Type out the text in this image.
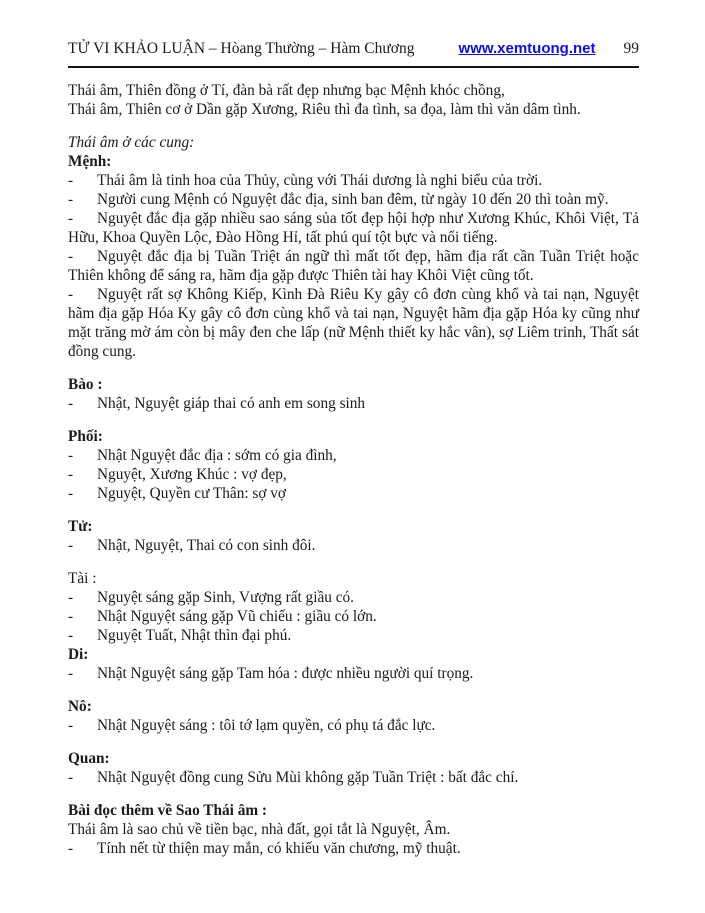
TỬ VI KHẢO LUẬN – Hòang Thường – Hàm Chương	www.xemtuong.net 99

Thái âm, Thiên đồng ở Tí, đàn bà rất đẹp nhưng bạc Mệnh khóc chồng,

Thái âm, Thiên cơ ở Dần gặp Xương, Riêu thì đa tình, sa đọa, làm thì văn dâm tình.

Thái âm ở các cung:

Mệnh:

- Thái âm là tinh hoa của Thủy, cùng với Thái dương là nghi biểu của trời.

- Người cung Mệnh có Nguyệt đắc địa, sinh ban đêm, từ ngày 10 đến 20 thì toàn mỹ.

- Nguyệt đắc địa gặp nhiều sao sáng sủa tốt đẹp hội hợp như Xương Khúc, Khôi Việt, Tả Hữu, Khoa Quyền Lộc, Đào Hồng Hỉ, tất phú quí tột bực và nổi tiếng.

- Nguyệt đắc địa bị Tuần Triệt án ngữ thì mất tốt đẹp, hãm địa rất cần Tuần Triệt hoặc Thiên không để sáng ra, hãm địa gặp được Thiên tài hay Khôi Việt cũng tốt.

- Nguyệt rất sợ Không Kiếp, Kình Đà Riêu Ky gây cô đơn cùng khổ và tai nạn, Nguyệt hãm địa gặp Hóa Ky gây cô đơn cùng khổ và tai nạn, Nguyệt hãm địa gặp Hóa ky cũng như mặt trăng mờ ám còn bị mây đen che lấp (nữ Mệnh thiết ky hắc vân), sợ Liêm trinh, Thất sát đồng cung.

Bào :

- Nhật, Nguyệt giáp thai có anh em song sinh

Phối:

- Nhật Nguyệt đắc địa : sớm có gia đình,

- Nguyệt, Xương Khúc : vợ đẹp,

- Nguyệt, Quyền cư Thân: sợ vợ

Tử:

- Nhật, Nguyệt, Thai có con sinh đôi.

Tài :

- Nguyệt sáng gặp Sinh, Vượng rất giầu có.

- Nhật Nguyệt sáng gặp Vũ chiếu : giầu có lớn.

- Nguyệt Tuất, Nhật thìn đại phú.

Di:

- Nhật Nguyệt sáng gặp Tam hóa : được nhiều người quí trọng.

Nô:

- Nhật Nguyệt sáng : tôi tớ lạm quyền, có phụ tá đắc lực.

Quan:

- Nhật Nguyệt đồng cung Sửu Mùi không gặp Tuần Triệt : bất đắc chí.

Bài đọc thêm về Sao Thái âm :

Thái âm là sao chủ về tiền bạc, nhà đất, gọi tắt là Nguyệt, Âm.

- Tính nết từ thiện may mắn, có khiếu văn chương, mỹ thuật.
